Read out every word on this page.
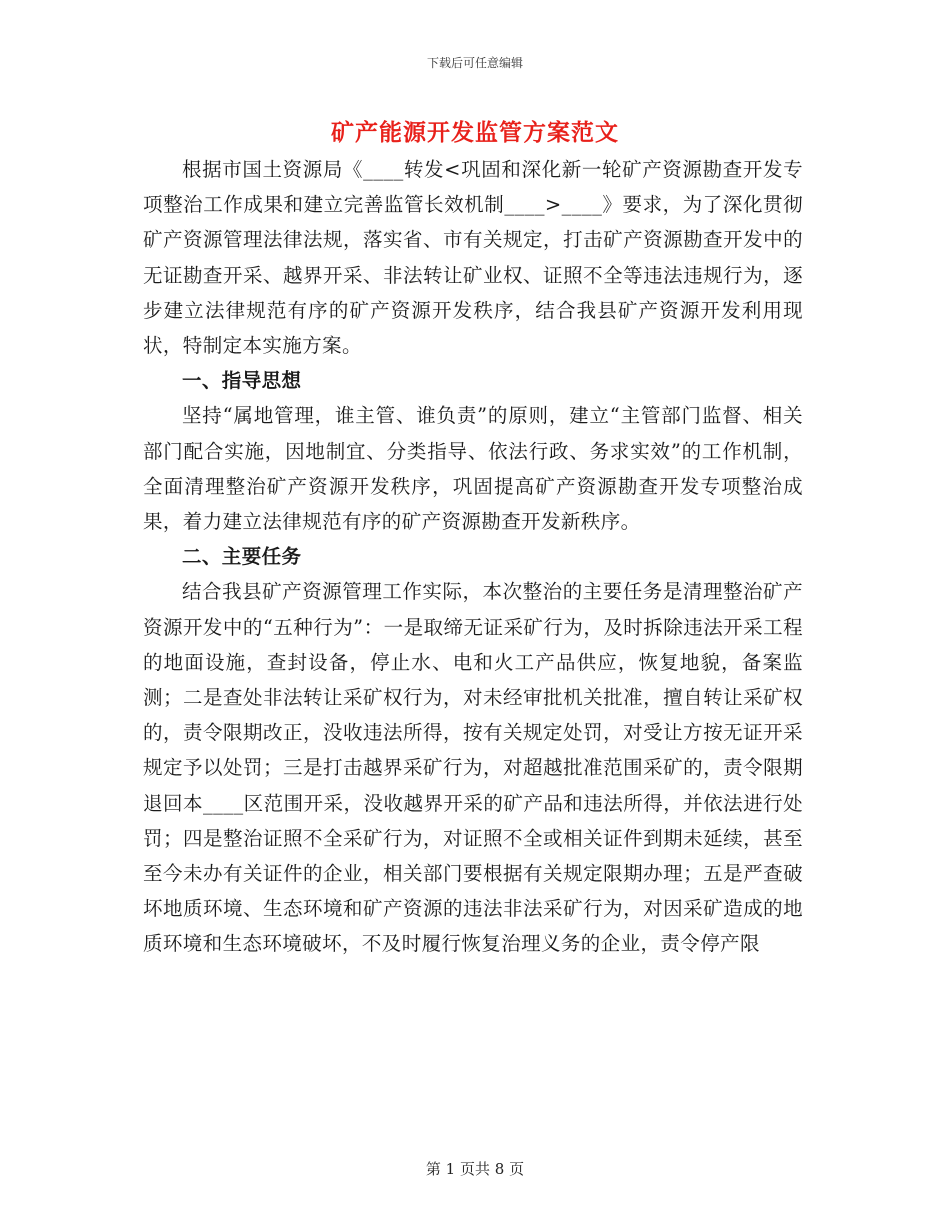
下载后可任意编辑
矿产能源开发监管方案范文

根据市国土资源局《____转发<巩固和深化新一轮矿产资源勘查开发专项整治工作成果和建立完善监管长效机制____>____》要求，为了深化贯彻矿产资源管理法律法规，落实省、市有关规定，打击矿产资源勘查开发中的无证勘查开采、越界开采、非法转让矿业权、证照不全等违法违规行为，逐步建立法律规范有序的矿产资源开发秩序，结合我县矿产资源开发利用现状，特制定本实施方案。

一、指导思想

坚持“属地管理，谁主管、谁负责”的原则，建立“主管部门监督、相关部门配合实施，因地制宜、分类指导、依法行政、务求实效”的工作机制，全面清理整治矿产资源开发秩序，巩固提高矿产资源勘查开发专项整治成果，着力建立法律规范有序的矿产资源勘查开发新秩序。

二、主要任务

结合我县矿产资源管理工作实际，本次整治的主要任务是清理整治矿产资源开发中的“五种行为”：一是取缔无证采矿行为，及时拆除违法开采工程的地面设施，查封设备，停止水、电和火工产品供应，恢复地貌，备案监测；二是查处非法转让采矿权行为，对未经审批机关批准，擅自转让采矿权的，责令限期改正，没收违法所得，按有关规定处罚，对受让方按无证开采规定予以处罚；三是打击越界采矿行为，对超越批准范围采矿的，责令限期退回本____区范围开采，没收越界开采的矿产品和违法所得，并依法进行处罚；四是整治证照不全采矿行为，对证照不全或相关证件到期未延续，甚至至今未办有关证件的企业，相关部门要根据有关规定限期办理；五是严查破坏地质环境、生态环境和矿产资源的违法非法采矿行为，对因采矿造成的地质环境和生态环境破坏，不及时履行恢复治理义务的企业，责令停产限

第 1 页共 8 页
